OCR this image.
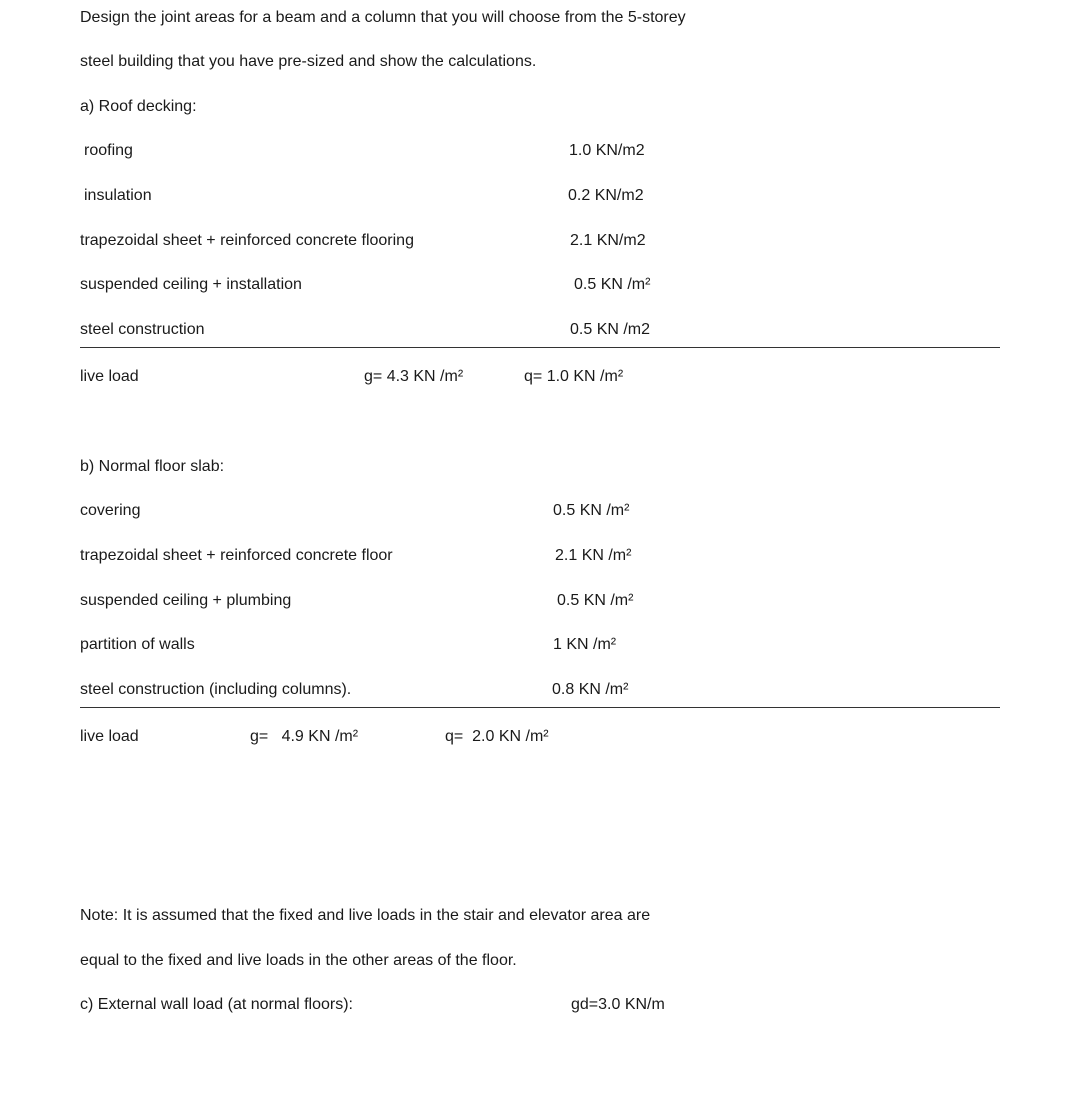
Design the joint areas for a beam and a column that you will choose from the 5-storey
steel building that you have pre-sized and show the calculations.
a) Roof decking:
roofing	1.0 KN/m2
insulation	0.2 KN/m2
trapezoidal sheet + reinforced concrete flooring	2.1 KN/m2
suspended ceiling + installation	0.5 KN /m²
steel construction	0.5 KN /m2
live load	g= 4.3 KN /m²	q= 1.0 KN /m²
b) Normal floor slab:
covering	0.5 KN /m²
trapezoidal sheet + reinforced concrete floor	2.1 KN /m²
suspended ceiling + plumbing	0.5 KN /m²
partition of walls	1 KN /m²
steel construction (including columns).	0.8 KN /m²
live load	g=   4.9 KN /m²	q=  2.0 KN /m²
Note: It is assumed that the fixed and live loads in the stair and elevator area are
equal to the fixed and live loads in the other areas of the floor.
c) External wall load (at normal floors):	gd=3.0 KN/m
